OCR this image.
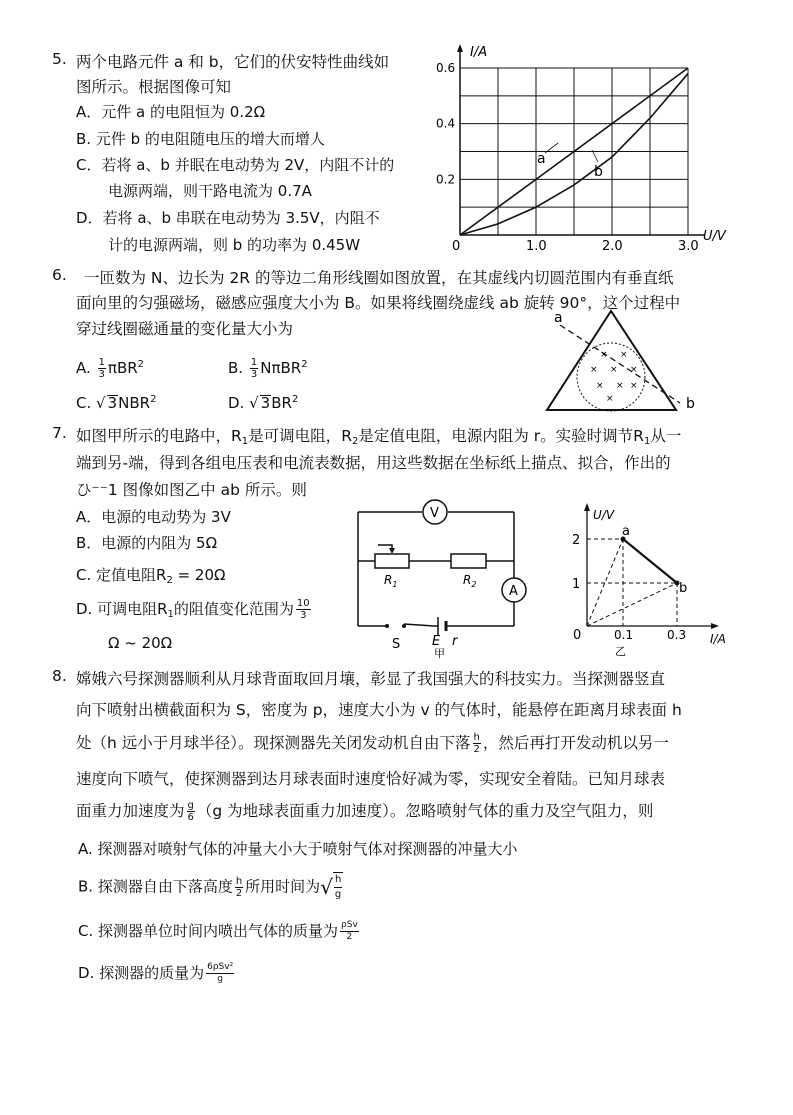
5. 两个电路元件 a 和 b，它们的伏安特性曲线如
图所示。根据图像可知
A．元件 a 的电阻恒为 0.2Ω
B. 元件 b 的电阻随电压的增大而增人
C．若将 a、b 并眠在电动势为 2V，内阻不计的
电源两端，则干路电流为 0.7A
D．若将 a、b 串联在电动势为 3.5V，内阻不
计的电源两端，则 b 的功率为 0.45W	1.0	2.0	3.0
0.2
0.4
0.6
I/A
U/V
0
a
b
6. 一匝数为 N、边长为 2R 的等边二角形线圈如图放置，在其虚线内切圆范围内有垂直纸
面向里的匀强磁场，磁感应强度大小为 B。如果将线圈绕虚线 ab 旋转 90°，这个过程中
穿过线圈磁通量的变化量大小为
A. $\frac{1}{3} \pi BR^2$	B. $\frac{1}{3} N\pi BR^2$
C. √ 3NBR$^2$	D. √ $3BR^2$
a
b
× ×
× × ×
× × ×
×
7. 如图甲所示的电路中，$R_1$是可调电阻，$R_2$是定值电阻，电源内阻为 r。实验时调节$R_1$从一
端到另-端，得到各组电压表和电流表数据，用这些数据在坐标纸上描点、拟合，作出的
ひ⁻⁻1 图像如图乙中 ab 所示。则
A．电源的电动势为 3V
B．电源的内阻为 5Ω
C. 定值电阻$R_2 = 20\Omega$
D. 可调电阻$R_1$的阻值变化范围为 $\frac{10}{3}$
Ω ~ 20Ω
V
A
$R_1$	$R_2$
S E r
甲
U/V
I/A
2
1
0	0.1	0.3
a
b
乙
8. 嫦娥六号探测器顺利从月球背面取回月壤，彰显了我国强大的科技实力。当探测器竖直
向下喷射出横截面积为 S，密度为 p，速度大小为 v 的气体时，能悬停在距离月球表面 h
处（h 远小于月球半径）。现探测器先关闭发动机自由下落 $\frac{h}{2}$ ，然后再打开发动机以另一
速度向下喷气，使探测器到达月球表面时速度恰好减为零，实现安全着陆。已知月球表
面重力加速度为 $\frac{g}{6} (g$ 为地球表面重力加速度）。忽略喷射气体的重力及空气阻力，则
A. 探测器对喷射气体的冲量大小大于喷射气体对探测器的冲量大小
B. 探测器自由下落高度 $\frac{h}{2}$ 所用时间为√ $\frac{h}{g}$
C. 探测器单位时间内喷出气体的质量为 $\frac{\text{ρSv}}{2}$
D. 探测器的质量为 $\frac{\text{6ρSv²}}{g}$
